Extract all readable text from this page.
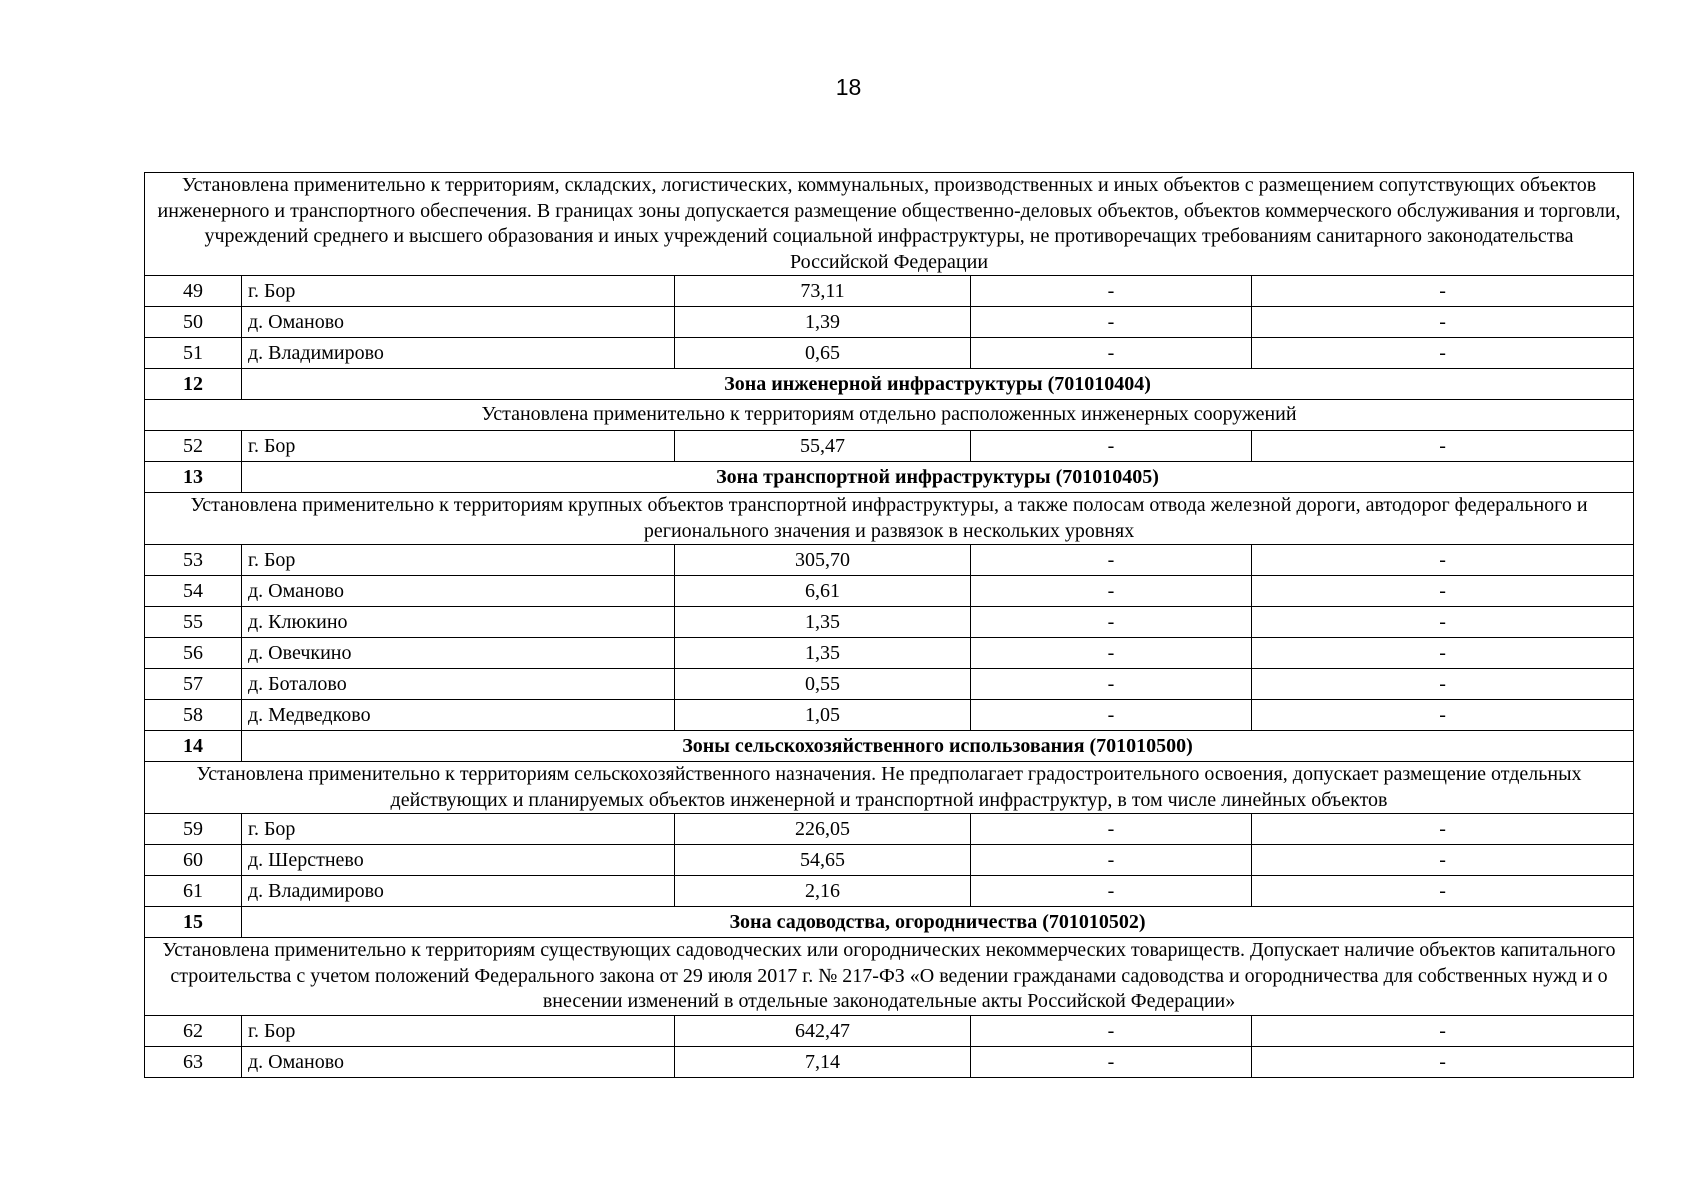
18
Установлена применительно к территориям, складских, логистических, коммунальных, производственных и иных объектов с размещением сопутствующих объектов инженерного и транспортного обеспечения. В границах зоны допускается размещение общественно-деловых объектов, объектов коммерческого обслуживания и торговли, учреждений среднего и высшего образования и иных учреждений социальной инфраструктуры, не противоречащих требованиям санитарного законодательства Российской Федерации				
49	г. Бор	73,11	-	-
50	д. Оманово	1,39	-	-
51	д. Владимирово	0,65	-	-
12	Зона инженерной инфраструктуры (701010404)			
Установлена применительно к территориям отдельно расположенных инженерных сооружений				
52	г. Бор	55,47	-	-
13	Зона транспортной инфраструктуры (701010405)			
Установлена применительно к территориям крупных объектов транспортной инфраструктуры, а также полосам отвода железной дороги, автодорог федерального и регионального значения и развязок в нескольких уровнях				
53	г. Бор	305,70	-	-
54	д. Оманово	6,61	-	-
55	д. Клюкино	1,35	-	-
56	д. Овечкино	1,35	-	-
57	д. Боталово	0,55	-	-
58	д. Медведково	1,05	-	-
14	Зоны сельскохозяйственного использования (701010500)			
Установлена применительно к территориям сельскохозяйственного назначения. Не предполагает градостроительного освоения, допускает размещение отдельных действующих и планируемых объектов инженерной и транспортной инфраструктур, в том числе линейных объектов				
59	г. Бор	226,05	-	-
60	д. Шерстнево	54,65	-	-
61	д. Владимирово	2,16	-	-
15	Зона садоводства, огородничества (701010502)			
Установлена применительно к территориям существующих садоводческих или огороднических некоммерческих товариществ. Допускает наличие объектов капитального строительства с учетом положений Федерального закона от 29 июля 2017 г. № 217-ФЗ «О ведении гражданами садоводства и огородничества для собственных нужд и о внесении изменений в отдельные законодательные акты Российской Федерации»				
62	г. Бор	642,47	-	-
63	д. Оманово	7,14	-	-
